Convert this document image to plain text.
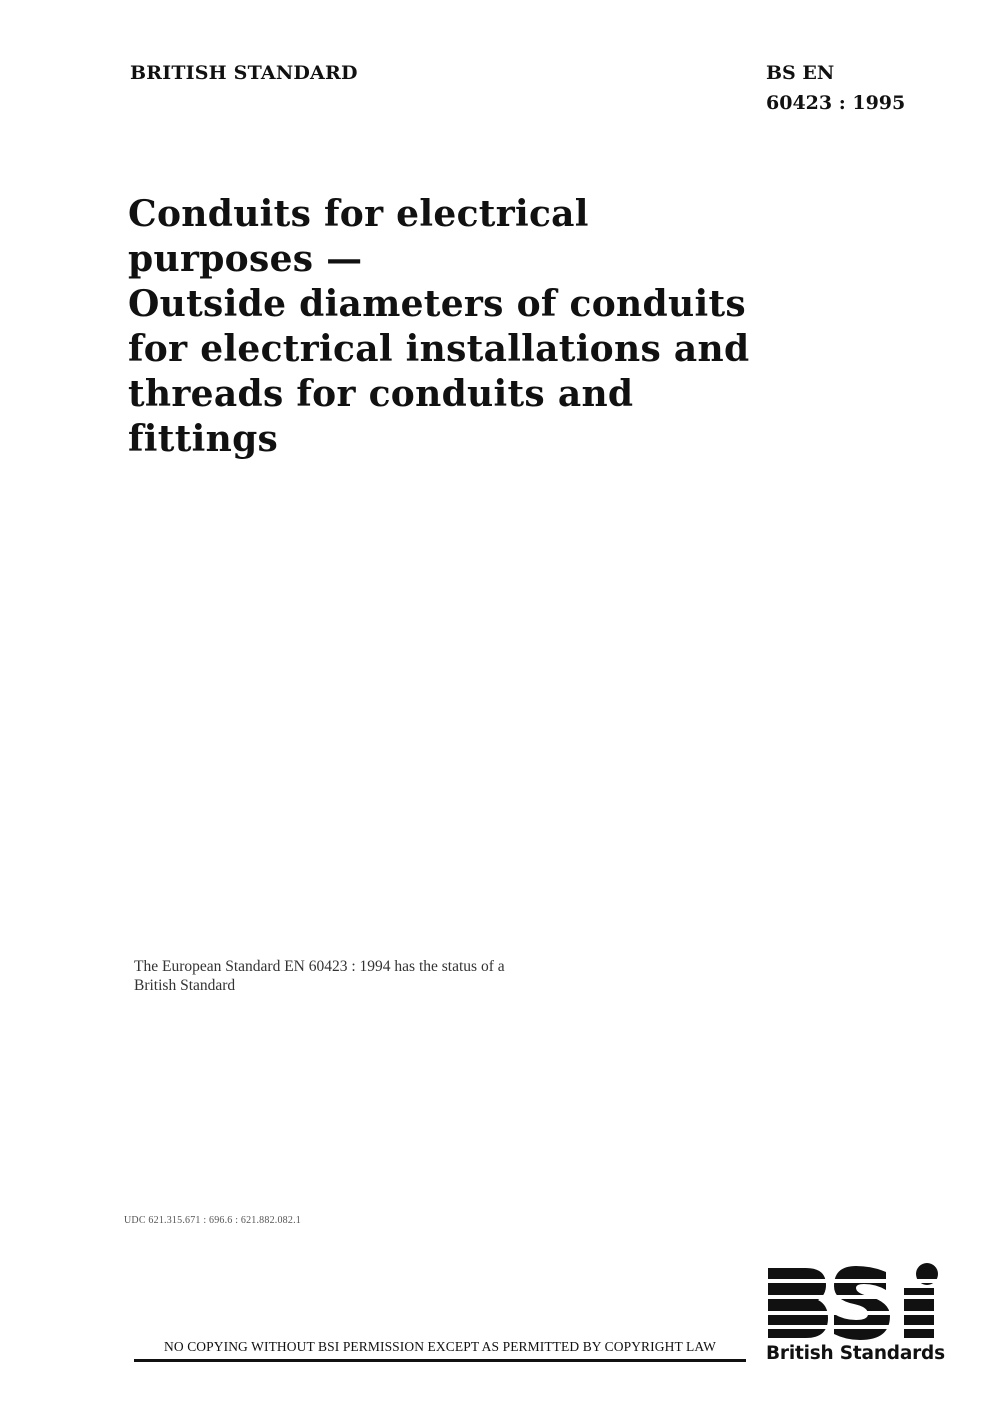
BRITISH STANDARD	BS EN
60423 : 1995
Conduits for electrical
purposes —
Outside diameters of conduits
for electrical installations and
threads for conduits and
fittings
The European Standard EN 60423 : 1994 has the status of a
British Standard
UDC 621.315.671 : 696.6 : 621.882.082.1
NO COPYING WITHOUT BSI PERMISSION EXCEPT AS PERMITTED BY COPYRIGHT LAW	British Standards
